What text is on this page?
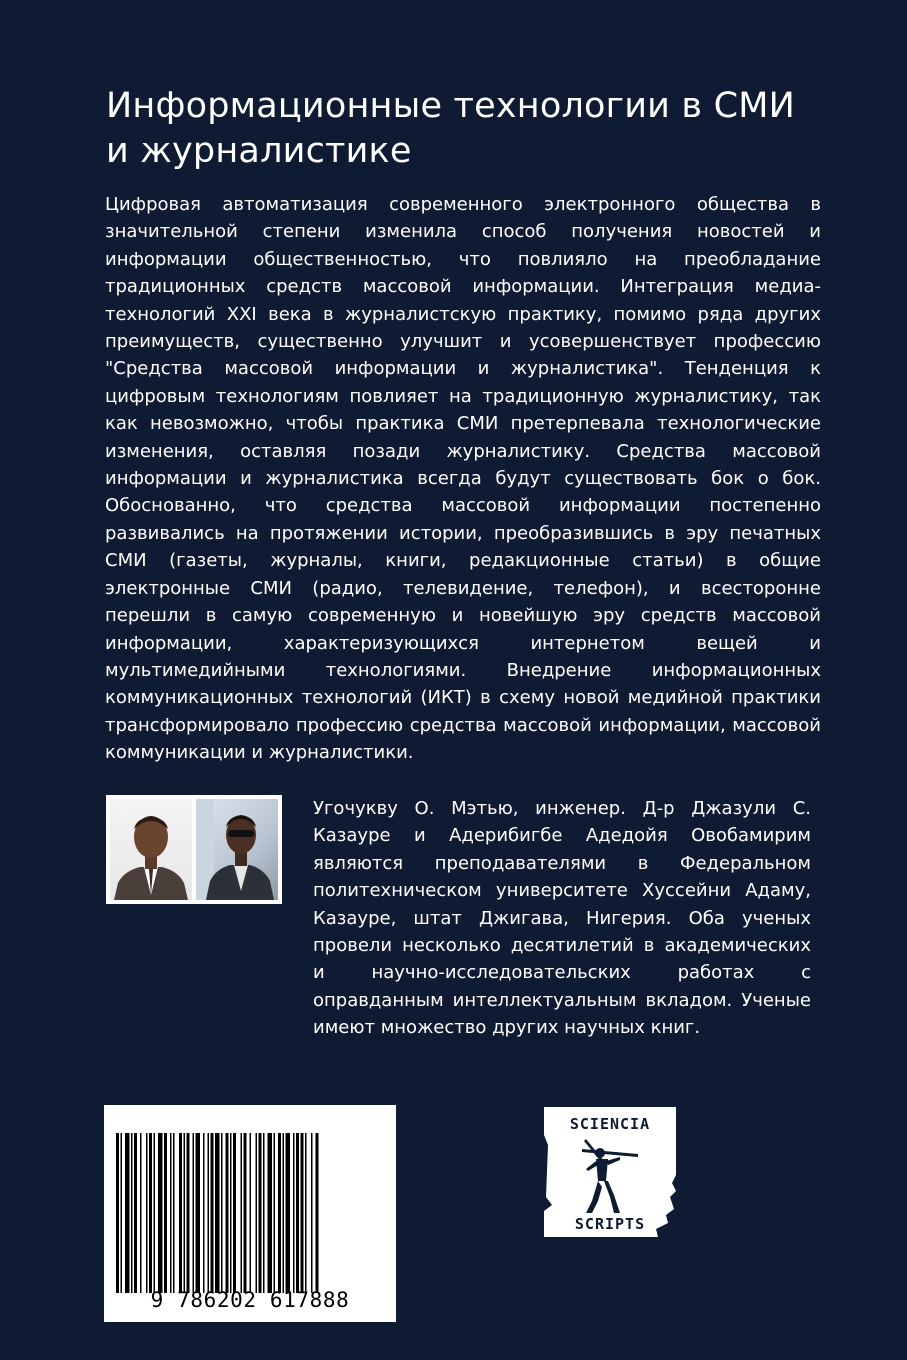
Информационные технологии в СМИ и журналистике

Цифровая автоматизация современного электронного общества в значительной степени изменила способ получения новостей и информации общественностью, что повлияло на преобладание традиционных средств массовой информации. Интеграция медиа-технологий XXI века в журналистскую практику, помимо ряда других преимуществ, существенно улучшит и усовершенствует профессию "Средства массовой информации и журналистика". Тенденция к цифровым технологиям повлияет на традиционную журналистику, так как невозможно, чтобы практика СМИ претерпевала технологические изменения, оставляя позади журналистику. Средства массовой информации и журналистика всегда будут существовать бок о бок. Обоснованно, что средства массовой информации постепенно развивались на протяжении истории, преобразившись в эру печатных СМИ (газеты, журналы, книги, редакционные статьи) в общие электронные СМИ (радио, телевидение, телефон), и всесторонне перешли в самую современную и новейшую эру средств массовой информации, характеризующихся интернетом вещей и мультимедийными технологиями. Внедрение информационных коммуникационных технологий (ИКТ) в схему новой медийной практики трансформировало профессию средства массовой информации, массовой коммуникации и журналистики.

Угочукву О. Мэтью, инженер. Д-р Джазули С. Казауре и Адерибигбе Адедойя Овобамирим являются преподавателями в Федеральном политехническом университете Хуссейни Адаму, Казауре, штат Джигава, Нигерия. Оба ученых провели несколько десятилетий в академических и научно-исследовательских работах с оправданным интеллектуальным вкладом. Ученые имеют множество других научных книг.

9 786202 617888
SCIENCIA
SCRIPTS
